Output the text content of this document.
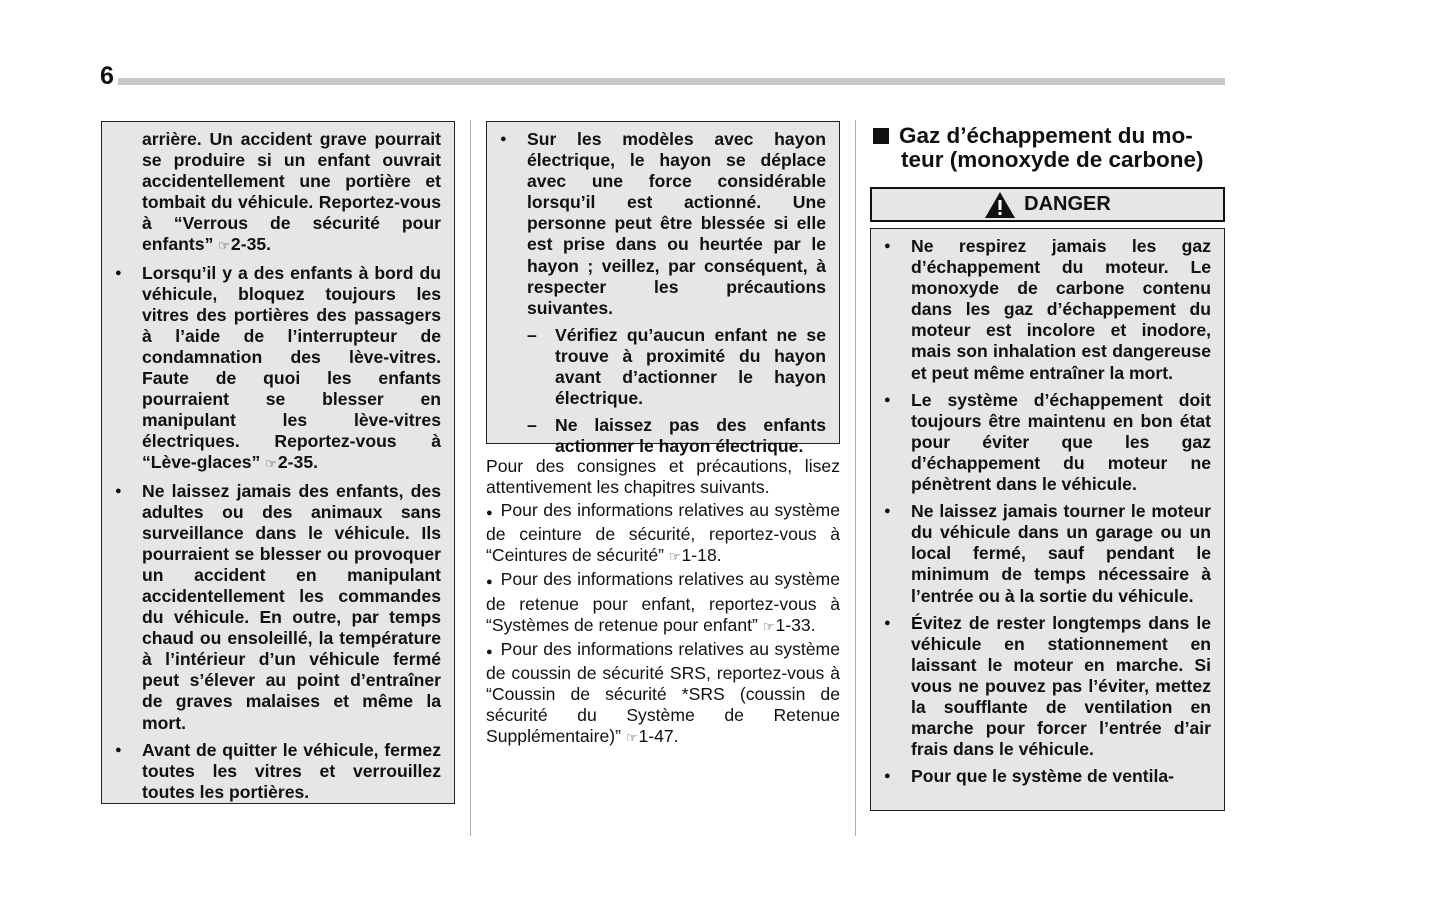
6

arrière. Un accident grave pourrait se produire si un enfant ouvrait accidentellement une portière et tombait du véhicule. Reportez-vous à “Verrous de sécurité pour enfants” ☞2-35.

● Lorsqu’il y a des enfants à bord du véhicule, bloquez toujours les vitres des portières des passagers à l’aide de l’interrupteur de condamnation des lève-vitres. Faute de quoi les enfants pourraient se blesser en manipulant les lève-vitres électriques. Reportez-vous à “Lève-glaces” ☞2-35.

● Ne laissez jamais des enfants, des adultes ou des animaux sans surveillance dans le véhicule. Ils pourraient se blesser ou provoquer un accident en manipulant accidentellement les commandes du véhicule. En outre, par temps chaud ou ensoleillé, la température à l’intérieur d’un véhicule fermé peut s’élever au point d’entraîner de graves malaises et même la mort.

● Avant de quitter le véhicule, fermez toutes les vitres et verrouillez toutes les portières.

● Sur les modèles avec hayon électrique, le hayon se déplace avec une force considérable lorsqu’il est actionné. Une personne peut être blessée si elle est prise dans ou heurtée par le hayon ; veillez, par conséquent, à respecter les précautions suivantes.

– Vérifiez qu’aucun enfant ne se trouve à proximité du hayon avant d’actionner le hayon électrique.

– Ne laissez pas des enfants actionner le hayon électrique.

Pour des consignes et précautions, lisez attentivement les chapitres suivants.

●  Pour des informations relatives au système de ceinture de sécurité, reportez-vous à “Ceintures de sécurité” ☞1-18.

●  Pour des informations relatives au système de retenue pour enfant, reportez-vous à “Systèmes de retenue pour enfant” ☞1-33.

●  Pour des informations relatives au système de coussin de sécurité SRS, reportez-vous à “Coussin de sécurité *SRS (coussin de sécurité du Système de Retenue Supplémentaire)” ☞1-47.

Gaz d’échappement du mo-
teur (monoxyde de carbone)
DANGER

● Ne respirez jamais les gaz d’échappement du moteur. Le monoxyde de carbone contenu dans les gaz d’échappement du moteur est incolore et inodore, mais son inhalation est dangereuse et peut même entraîner la mort.

● Le système d’échappement doit toujours être maintenu en bon état pour éviter que les gaz d’échappement du moteur ne pénètrent dans le véhicule.

● Ne laissez jamais tourner le moteur du véhicule dans un garage ou un local fermé, sauf pendant le minimum de temps nécessaire à l’entrée ou à la sortie du véhicule.

● Évitez de rester longtemps dans le véhicule en stationnement en laissant le moteur en marche. Si vous ne pouvez pas l’éviter, mettez la soufflante de ventilation en marche pour forcer l’entrée d’air frais dans le véhicule.

● Pour que le système de ventila-
